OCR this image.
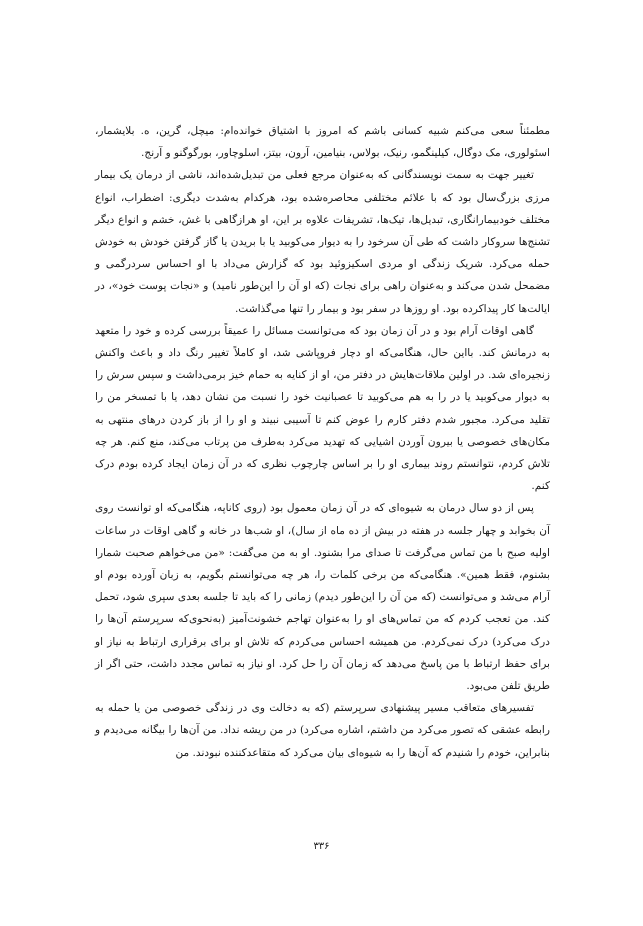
مطمئناً سعی می‌کنم شبیه کسانی باشم که امروز با اشتیاق خوانده‌ام: میچل، گرین، ه. بلایشمار، اسئولوری، مک دوگال، کیلینگمو، رنیک، بولاس، بنیامین، آرون، بیتز، اسلوچاور، بورگوگنو و آرنج.

تغییر جهت به سمت نویسندگانی که به‌عنوان مرجع فعلی من تبدیل‌شده‌اند، ناشی از درمان یک بیمار مرزی بزرگ‌سال بود که با علائم مختلفی محاصره‌شده بود، هرکدام به‌شدت دیگری: اضطراب، انواع مختلف خودبیمارانگاری، تبدیل‌ها، تیک‌ها، تشریفات علاوه بر این، او هرازگاهی با غش، خشم و انواع دیگر تشنج‌ها سروکار داشت که طی آن سرخود را به دیوار می‌کوبید یا با بریدن یا گاز گرفتن خودش به خودش حمله می‌کرد. شریک زندگی او مردی اسکیزوئید بود که گزارش می‌داد با او احساس سردرگمی و مضمحل شدن می‌کند و به‌عنوان راهی برای نجات (که او آن را این‌طور نامید) و «نجات پوست خود»، در ایالت‌ها کار پیداکرده بود. او روزها در سفر بود و بیمار را تنها می‌گذاشت.

گاهی اوقات آرام بود و در آن زمان بود که می‌توانست مسائل را عمیقاً بررسی کرده و خود را متعهد به درمانش کند. بااین حال، هنگامی‌که او دچار فروپاشی شد، او کاملاً تغییر رنگ داد و باعث واکنش زنجیره‌ای شد. در اولین ملاقات‌هایش در دفتر من، او از کنایه به حمام خیز برمی‌داشت و سپس سرش را به دیوار می‌کوبید یا در را به هم می‌کوبید تا عصبانیت خود را نسبت من نشان دهد، یا با تمسخر من را تقلید می‌کرد. مجبور شدم دفتر کارم را عوض کنم تا آسیبی نبیند و او را از باز کردن درهای منتهی به مکان‌های خصوصی یا بیرون آوردن اشیایی که تهدید می‌کرد به‌طرف من پرتاب می‌کند، منع کنم. هر چه تلاش کردم، نتوانستم روند بیماری او را بر اساس چارچوب نظری که در آن زمان ایجاد کرده بودم درک کنم.

پس از دو سال درمان به شیوه‌ای که در آن زمان معمول بود (روی کاناپه، هنگامی‌که او توانست روی آن بخوابد و چهار جلسه در هفته در بیش از ده ماه از سال)، او شب‌ها در خانه و گاهی اوقات در ساعات اولیه صبح با من تماس می‌گرفت تا صدای مرا بشنود. او به من می‌گفت: «من می‌خواهم صحبت شمارا بشنوم، فقط همین». هنگامی‌که من برخی کلمات را، هر چه می‌توانستم بگویم، به زبان آورده بودم او آرام می‌شد و می‌توانست (که من آن را این‌طور دیدم) زمانی را که باید تا جلسه بعدی سپری شود، تحمل کند. من تعجب کردم که من تماس‌های او را به‌عنوان تهاجم خشونت‌آمیز (به‌نحوی‌که سرپرستم آن‌ها را درک می‌کرد) درک نمی‌کردم. من همیشه احساس می‌کردم که تلاش او برای برقراری ارتباط به نیاز او برای حفظ ارتباط با من پاسخ می‌دهد که زمان آن را حل کرد. او نیاز به تماس مجدد داشت، حتی اگر از طریق تلفن می‌بود.

تفسیرهای متعاقب مسیر پیشنهادی سرپرستم (که به دخالت وی در زندگی خصوصی من یا حمله به رابطه عشقی که تصور می‌کرد من داشتم، اشاره می‌کرد) در من ریشه نداد. من آن‌ها را بیگانه می‌دیدم و بنابراین، خودم را شنیدم که آن‌ها را به شیوه‌ای بیان می‌کرد که متقاعدکننده نبودند. من

۳۳۶
